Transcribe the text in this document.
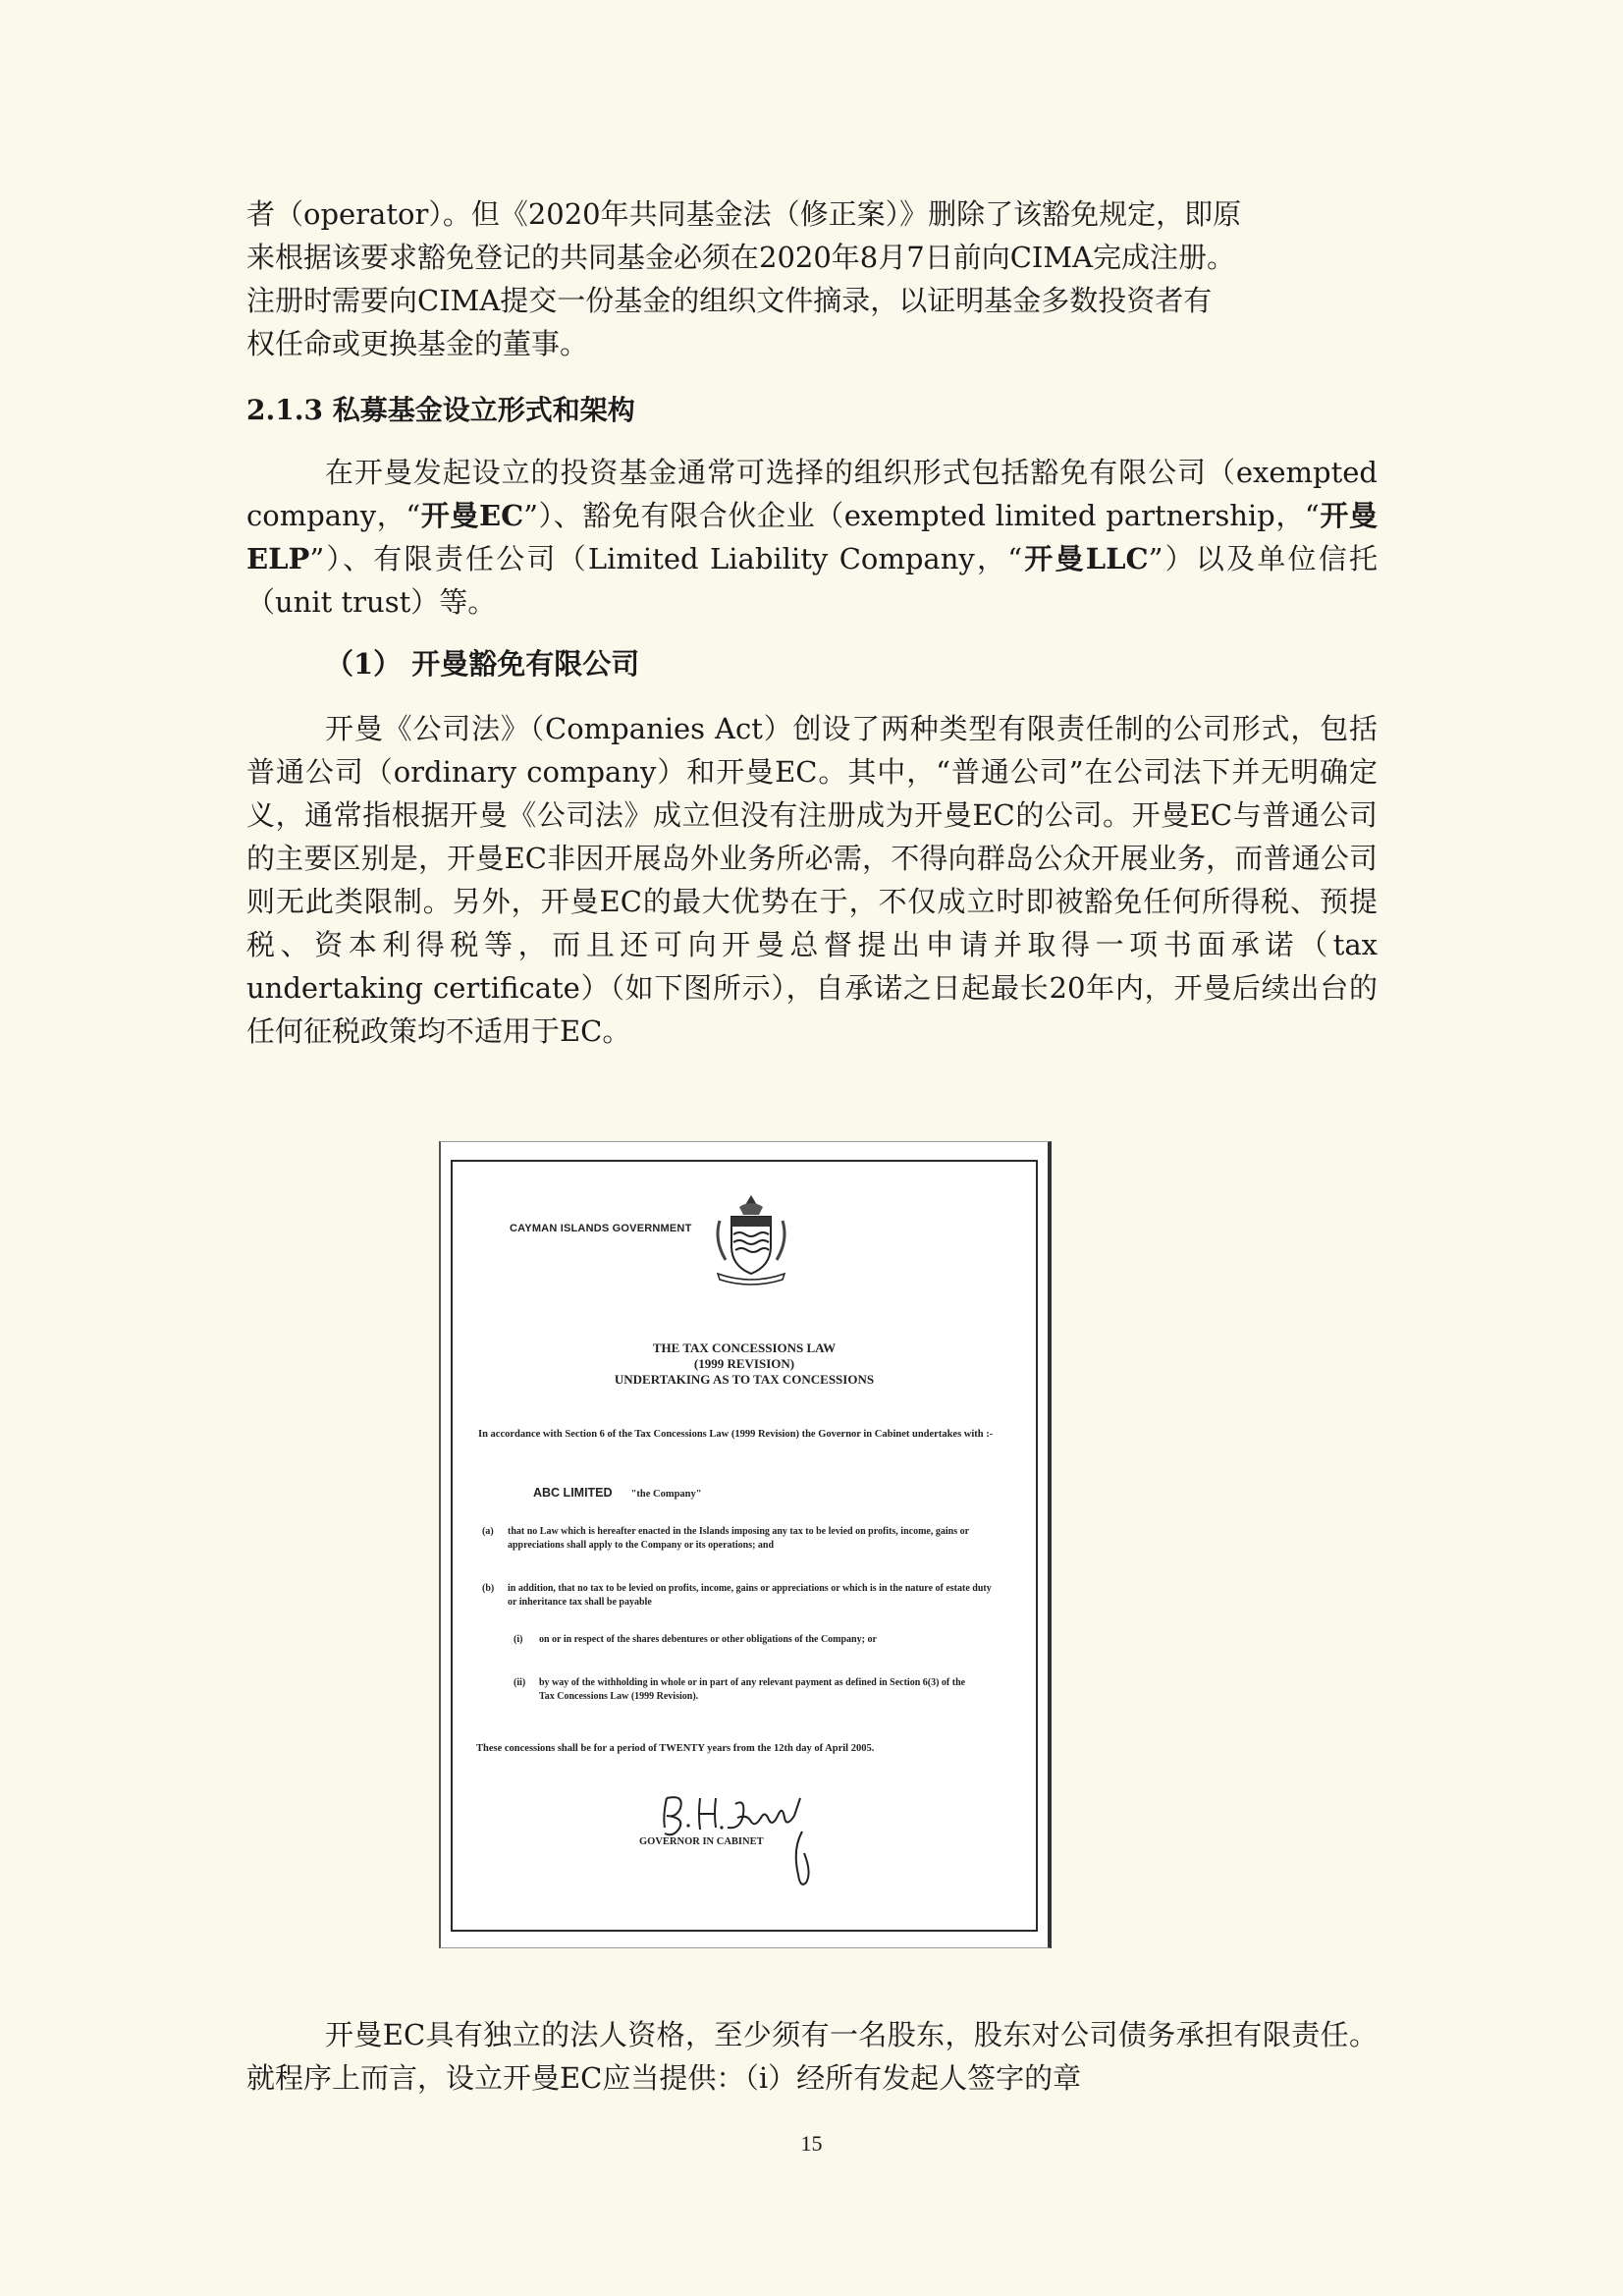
者（operator）。但《2020年共同基金法（修正案）》删除了该豁免规定，即原

来根据该要求豁免登记的共同基金必须在2020年8月7日前向CIMA完成注册。

注册时需要向CIMA提交一份基金的组织文件摘录，以证明基金多数投资者有

权任命或更换基金的董事。

2.1.3 私募基金设立形式和架构

在开曼发起设立的投资基金通常可选择的组织形式包括豁免有限公司（exempted company，“开曼EC”）、豁免有限合伙企业（exempted limited partnership，“开曼ELP”）、有限责任公司（Limited Liability Company，“开曼LLC”）以及单位信托（unit trust）等。

（1） 开曼豁免有限公司

开曼《公司法》（Companies Act）创设了两种类型有限责任制的公司形式，包括普通公司（ordinary company）和开曼EC。其中，“普通公司”在公司法下并无明确定义，通常指根据开曼《公司法》成立但没有注册成为开曼EC的公司。开曼EC与普通公司的主要区别是，开曼EC非因开展岛外业务所必需，不得向群岛公众开展业务，而普通公司则无此类限制。另外，开曼EC的最大优势在于，不仅成立时即被豁免任何所得税、预提税、资本利得税等，而且还可向开曼总督提出申请并取得一项书面承诺（tax undertaking certificate）（如下图所示），自承诺之日起最长20年内，开曼后续出台的任何征税政策均不适用于EC。

CAYMAN ISLANDS GOVERNMENT
THE TAX CONCESSIONS LAW
(1999 REVISION)
UNDERTAKING AS TO TAX CONCESSIONS
In accordance with Section 6 of the Tax Concessions Law (1999 Revision) the Governor in Cabinet undertakes with :-
ABC LIMITED "the Company"
(a) that no Law which is hereafter enacted in the Islands imposing any tax to be levied on profits, income, gains or appreciations shall apply to the Company or its operations; and
(b) in addition, that no tax to be levied on profits, income, gains or appreciations or which is in the nature of estate duty or inheritance tax shall be payable
(i) on or in respect of the shares debentures or other obligations of the Company; or
(ii) by way of the withholding in whole or in part of any relevant payment as defined in Section 6(3) of the Tax Concessions Law (1999 Revision).
These concessions shall be for a period of TWENTY years from the 12th day of April 2005.
GOVERNOR IN CABINET

开曼EC具有独立的法人资格，至少须有一名股东，股东对公司债务承担有限责任。就程序上而言，设立开曼EC应当提供：（i）经所有发起人签字的章

15
